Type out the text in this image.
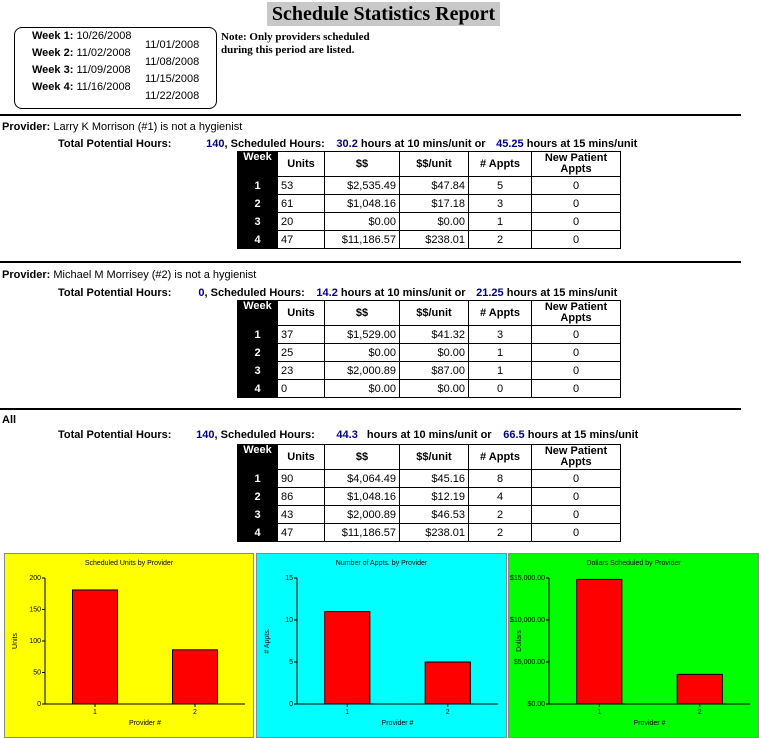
Schedule Statistics Report
Week 1: 10/26/2008
11/01/2008
Week 2: 11/02/2008
11/08/2008
Week 3: 11/09/2008
11/15/2008
Week 4: 11/16/2008
11/22/2008
Note: Only providers scheduled during this period are listed.
Provider: Larry K Morrison (#1) is not a hygienist
Total Potential Hours:	140, Scheduled Hours: 30.2 hours at 10 mins/unit or 45.25 hours at 15 mins/unit
Week	Units	$$	$$/unit	# Appts	New Patient Appts
1	53	$2,535.49	$47.84	5	0
2	61	$1,048.16	$17.18	3	0
3	20	$0.00	$0.00	1	0
4	47	$11,186.57	$238.01	2	0
Provider: Michael M Morrisey (#2) is not a hygienist
Total Potential Hours: 0, Scheduled Hours: 14.2 hours at 10 mins/unit or 21.25 hours at 15 mins/unit
Week	Units	$$	$$/unit	# Appts	New Patient Appts
1	37	$1,529.00	$41.32	3	0
2	25	$0.00	$0.00	1	0
3	23	$2,000.89	$87.00	1	0
4	0	$0.00	$0.00	0	0
All
Total Potential Hours: 140, Scheduled Hours: 44.3 hours at 10 mins/unit or 66.5 hours at 15 mins/unit
Week	Units	$$	$$/unit	# Appts	New Patient Appts
1	90	$4,064.49	$45.16	8	0
2	86	$1,048.16	$12.19	4	0
3	43	$2,000.89	$46.53	2	0
4	47	$11,186.57	$238.01	2	0
Scheduled Units by Provider
0
50
100
150
200
1	2
Provider #
Units
Number of Appts. by Provider
0
5
10
15
1	2
Provider #
# Appts.
Dollars Scheduled by Provider
$0.00
$5,000.00
$10,000.00
$15,000.00
1	2
Provider #
Dollars
